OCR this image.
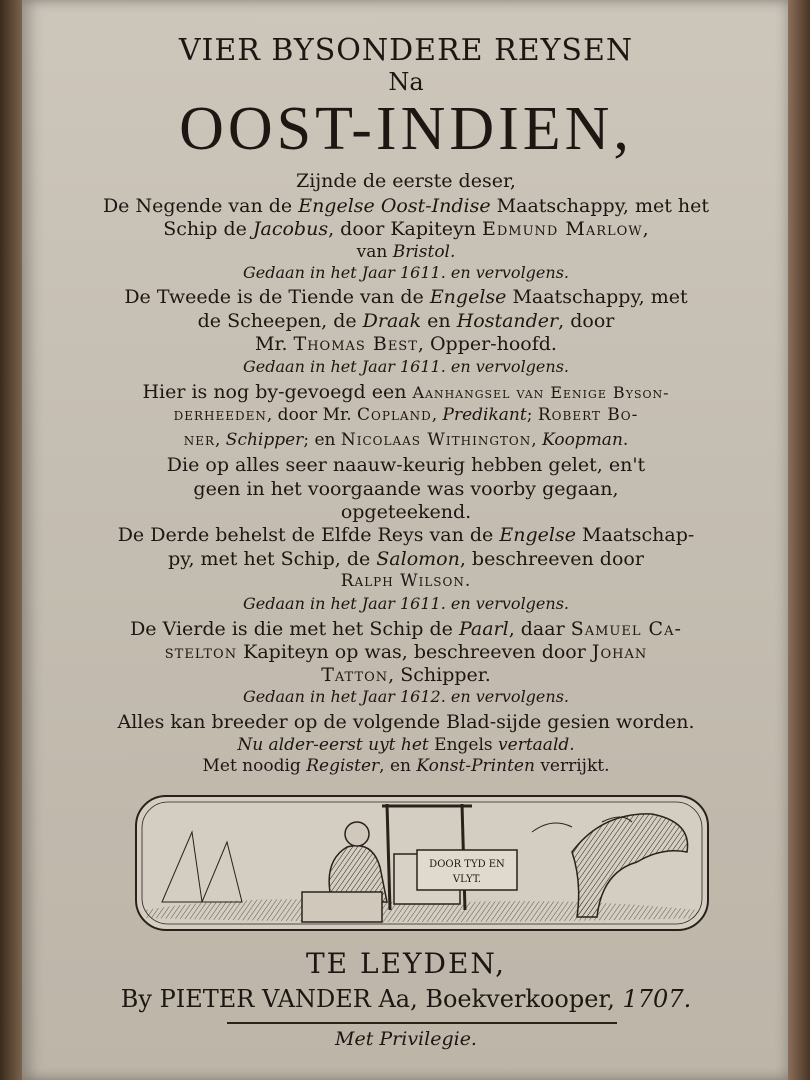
VIER BYSONDERE REYSEN
Na
OOST-INDIEN,
Zijnde de eerste deser,
De Negende van de Engelse Oost-Indise Maatschappy, met het
Schip de Jacobus, door Kapiteyn Edmund Marlow,
van Bristol.
Gedaan in het Jaar 1611. en vervolgens.
De Tweede is de Tiende van de Engelse Maatschappy, met
de Scheepen, de Draak en Hostander, door
Mr. Thomas Best, Opper-hoofd.
Gedaan in het Jaar 1611. en vervolgens.
Hier is nog by-gevoegd een Aanhangsel van Eenige Byson-
derheeden, door Mr. Copland, Predikant; Robert Bo-
ner, Schipper; en Nicolaas Withington, Koopman.
Die op alles seer naauw-keurig hebben gelet, en't
geen in het voorgaande was voorby gegaan,
opgeteekend.
De Derde behelst de Elfde Reys van de Engelse Maatschap-
py, met het Schip, de Salomon, beschreeven door
Ralph Wilson.
Gedaan in het Jaar 1611. en vervolgens.
De Vierde is die met het Schip de Paarl, daar Samuel Ca-
stelton Kapiteyn op was, beschreeven door Johan
Tatton, Schipper.
Gedaan in het Jaar 1612. en vervolgens.
Alles kan breeder op de volgende Blad-sijde gesien worden.
Nu alder-eerst uyt het Engels vertaald.
Met noodig Register, en Konst-Printen verrijkt.
DOOR TYD EN
VLYT.
TE LEYDEN,
By PIETER VANDER Aa, Boekverkooper, 1707.
Met Privilegie.
